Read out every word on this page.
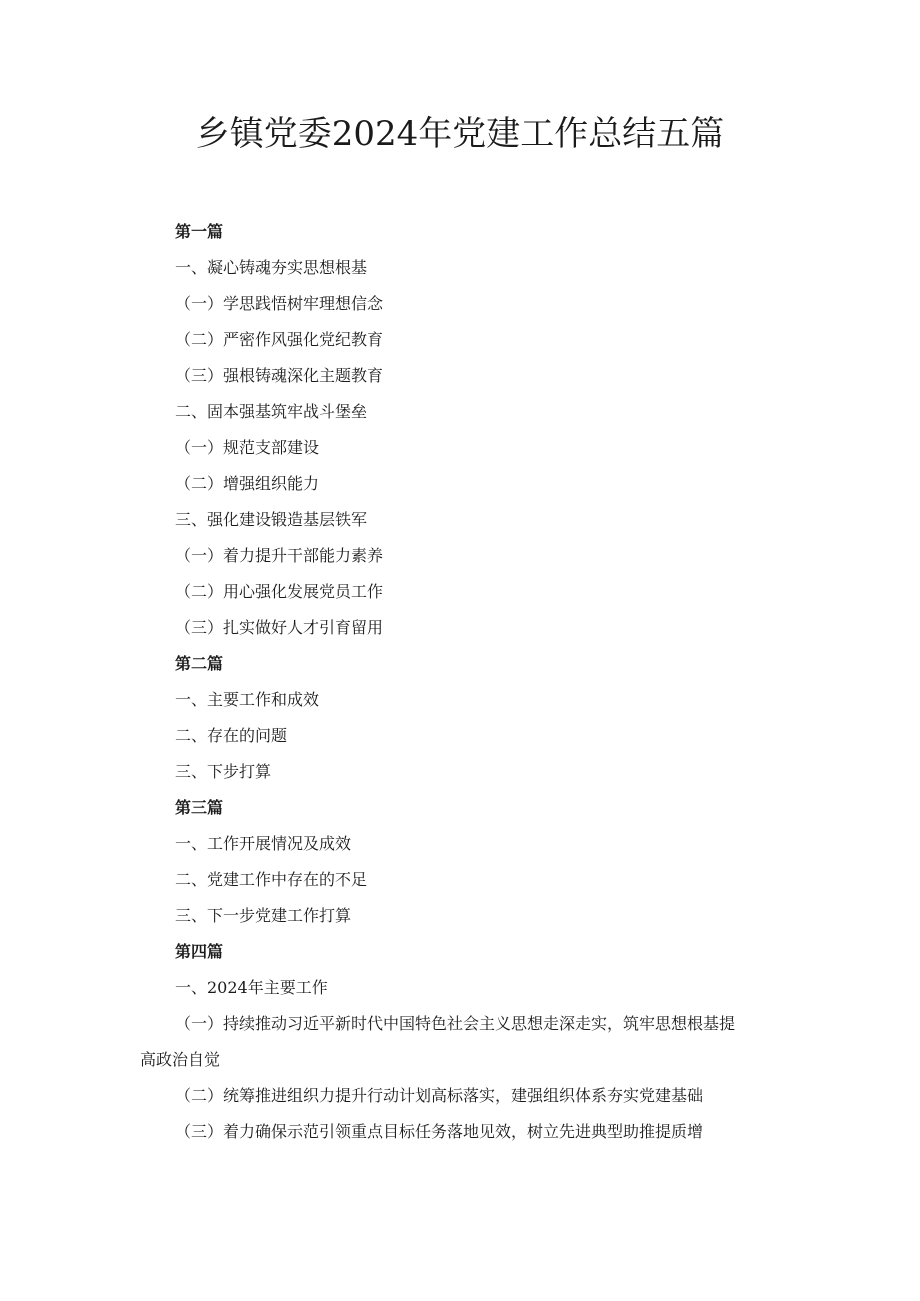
乡镇党委2024年党建工作总结五篇
第一篇
一、凝心铸魂夯实思想根基
（一）学思践悟树牢理想信念
（二）严密作风强化党纪教育
（三）强根铸魂深化主题教育
二、固本强基筑牢战斗堡垒
（一）规范支部建设
（二）增强组织能力
三、强化建设锻造基层铁军
（一）着力提升干部能力素养
（二）用心强化发展党员工作
（三）扎实做好人才引育留用
第二篇
一、主要工作和成效
二、存在的问题
三、下步打算
第三篇
一、工作开展情况及成效
二、党建工作中存在的不足
三、下一步党建工作打算
第四篇
一、2024年主要工作
（一）持续推动习近平新时代中国特色社会主义思想走深走实，筑牢思想根基提
高政治自觉
（二）统筹推进组织力提升行动计划高标落实，建强组织体系夯实党建基础
（三）着力确保示范引领重点目标任务落地见效，树立先进典型助推提质增
